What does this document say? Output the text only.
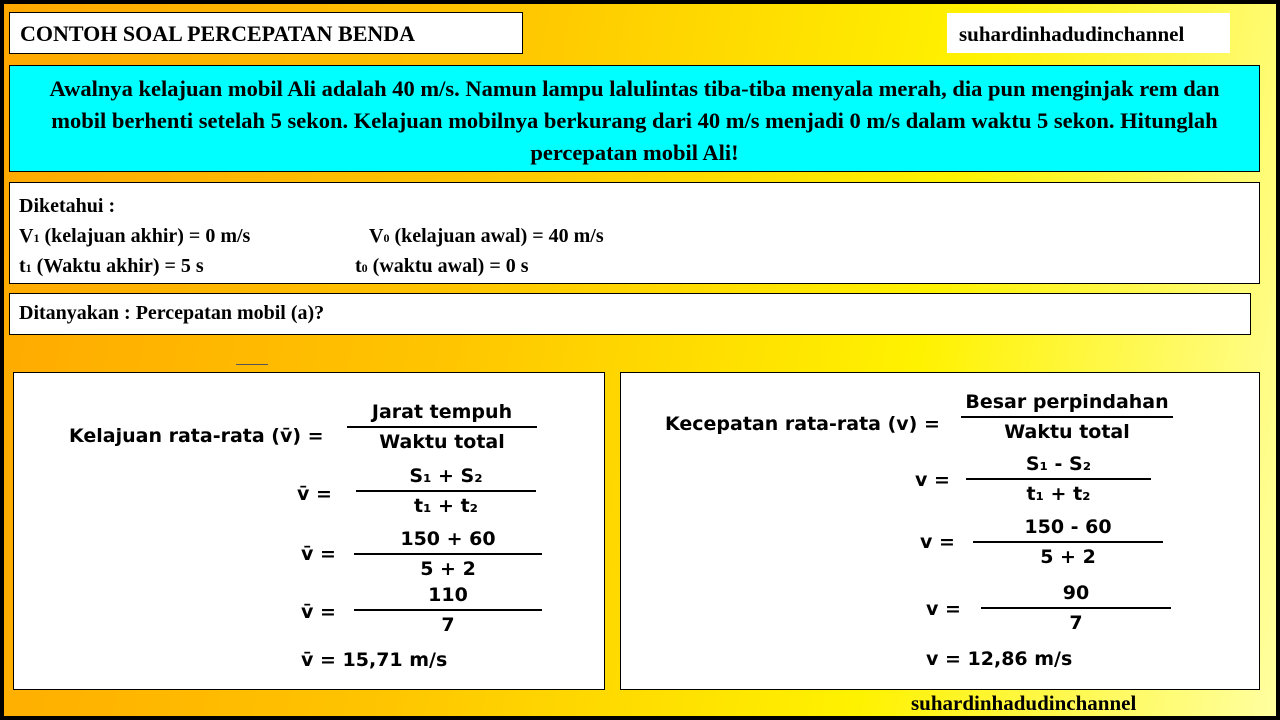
CONTOH SOAL PERCEPATAN BENDA	suhardinhadudinchannel
Awalnya kelajuan mobil Ali adalah 40 m/s. Namun lampu lalulintas tiba-tiba menyala merah, dia pun menginjak rem dan mobil berhenti setelah 5 sekon. Kelajuan mobilnya berkurang dari 40 m/s menjadi 0 m/s dalam waktu 5 sekon. Hitunglah percepatan mobil Ali!
Diketahui :
V1 (kelajuan akhir) = 0 m/s	V0 (kelajuan awal) = 40 m/s
t1 (Waktu akhir) = 5 s	t0 (waktu awal) = 0 s
Ditanyakan : Percepatan mobil (a)?
Kelajuan rata-rata (v̄) =
Jarat tempuh
Waktu total
v̄ =
S₁ + S₂
t₁ + t₂
v̄ =
150 + 60
5 + 2
v̄ =
110
7
v̄ = 15,71 m/s
Kecepatan rata-rata (v) =
Besar perpindahan
Waktu total
v =
S₁ - S₂
t₁ + t₂
v =
150 - 60
5 + 2
v =
90
7
v = 12,86 m/s
suhardinhadudinchannel
